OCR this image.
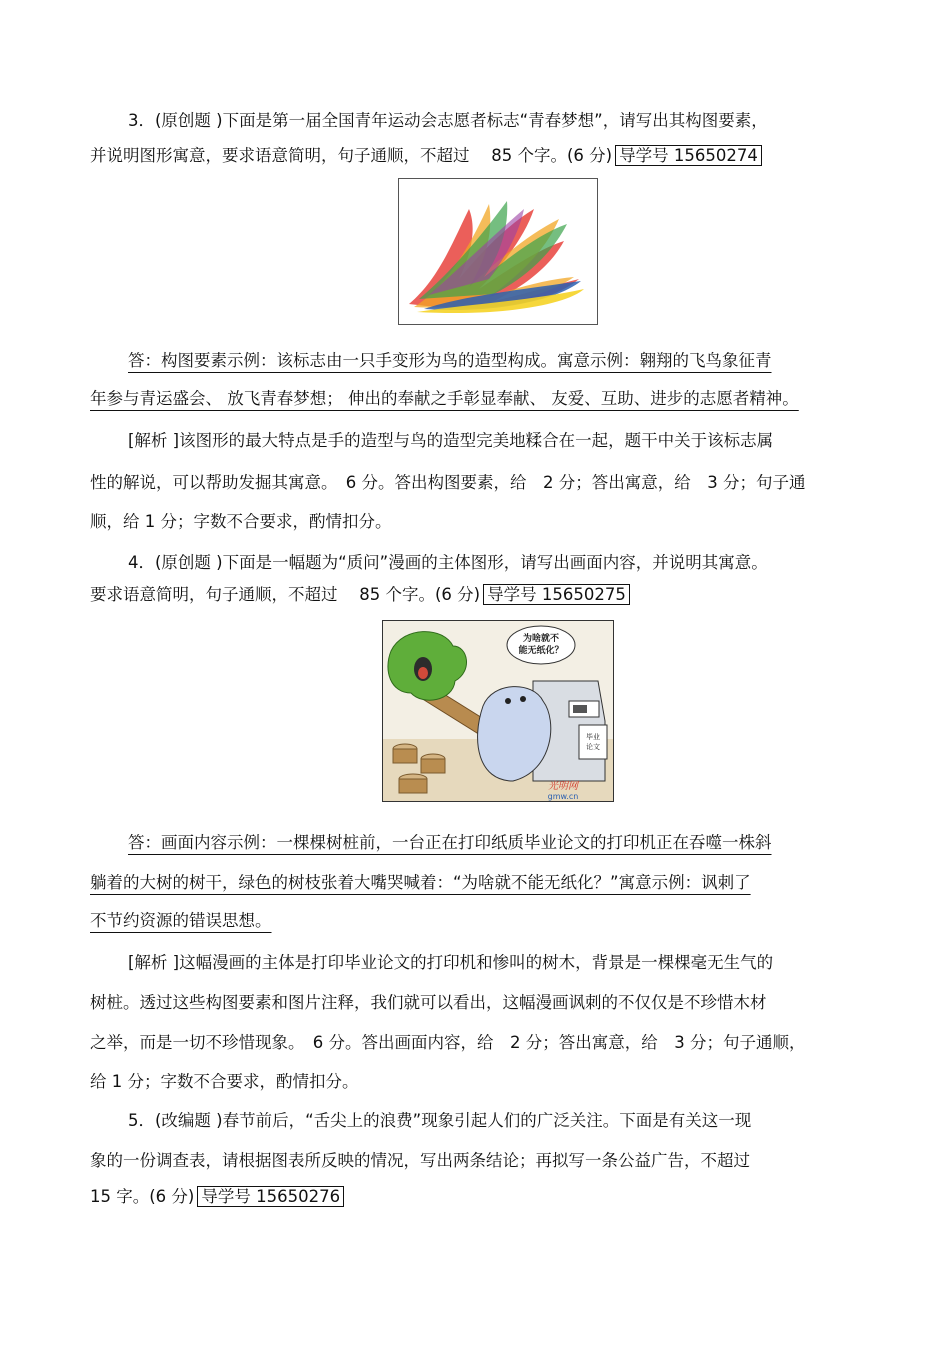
3．(原创题 )下面是第一届全国青年运动会志愿者标志“青春梦想”，请写出其构图要素，
并说明图形寓意，要求语意简明，句子通顺，不超过　 85 个字。(6 分) 导学号 15650274
答：构图要素示例：该标志由一只手变形为鸟的造型构成。寓意示例：翱翔的飞鸟象征青
年参与青运盛会、 放飞青春梦想； 伸出的奉献之手彰显奉献、 友爱、互助、进步的志愿者精神。
[解析 ]该图形的最大特点是手的造型与鸟的造型完美地糅合在一起，题干中关于该标志属
性的解说，可以帮助发掘其寓意。　6 分。答出构图要素，给　2 分；答出寓意，给　3 分；句子通
顺，给 1 分；字数不合要求，酌情扣分。
4．(原创题 )下面是一幅题为“质问”漫画的主体图形，请写出画面内容，并说明其寓意。
要求语意简明，句子通顺，不超过　 85 个字。(6 分) 导学号 15650275
为啥就不
能无纸化？
毕业
论文
光明网
gmw.cn
答：画面内容示例：一棵棵树桩前，一台正在打印纸质毕业论文的打印机正在吞噬一株斜
躺着的大树的树干，绿色的树枝张着大嘴哭喊着：“为啥就不能无纸化？”寓意示例：讽刺了
不节约资源的错误思想。
[解析 ]这幅漫画的主体是打印毕业论文的打印机和惨叫的树木，背景是一棵棵毫无生气的
树桩。透过这些构图要素和图片注释，我们就可以看出，这幅漫画讽刺的不仅仅是不珍惜木材
之举，而是一切不珍惜现象。　6 分。答出画面内容，给　2 分；答出寓意，给　3 分；句子通顺，
给 1 分；字数不合要求，酌情扣分。
5．(改编题 )春节前后，“舌尖上的浪费”现象引起人们的广泛关注。下面是有关这一现
象的一份调查表，请根据图表所反映的情况，写出两条结论；再拟写一条公益广告，不超过
15 字。(6 分) 导学号 15650276
